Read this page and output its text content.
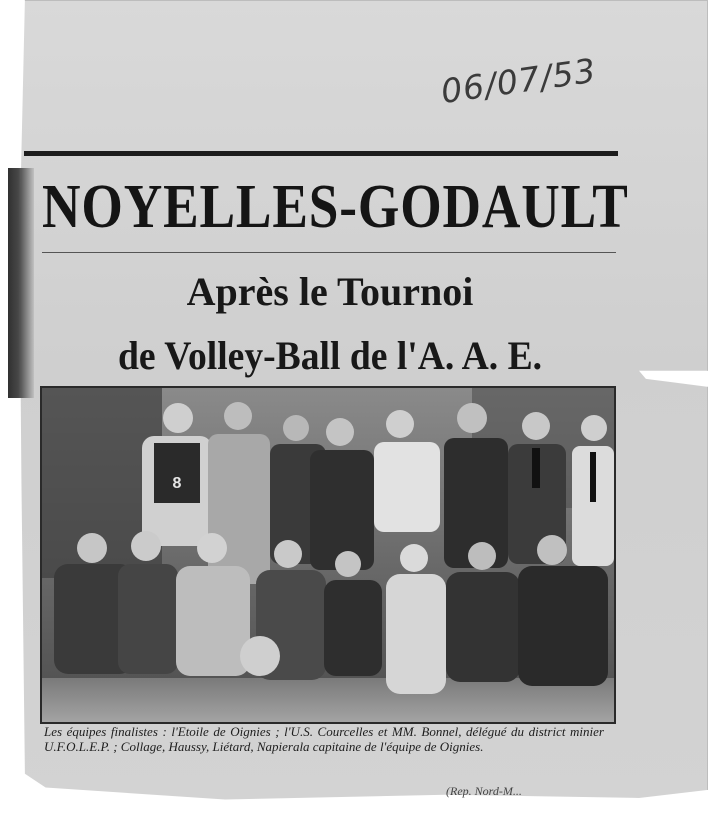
06/07/53
NOYELLES-GODAULT
Après le Tournoi
de Volley-Ball de l'A. A. E.
8
Les équipes finalistes : l'Etoile de Oignies ; l'U.S. Courcelles et MM. Bonnel, délégué du district minier U.F.O.L.E.P. ; Collage, Haussy, Liétard, Napierala capitaine de l'équipe de Oignies.
(Rep. Nord-M...
